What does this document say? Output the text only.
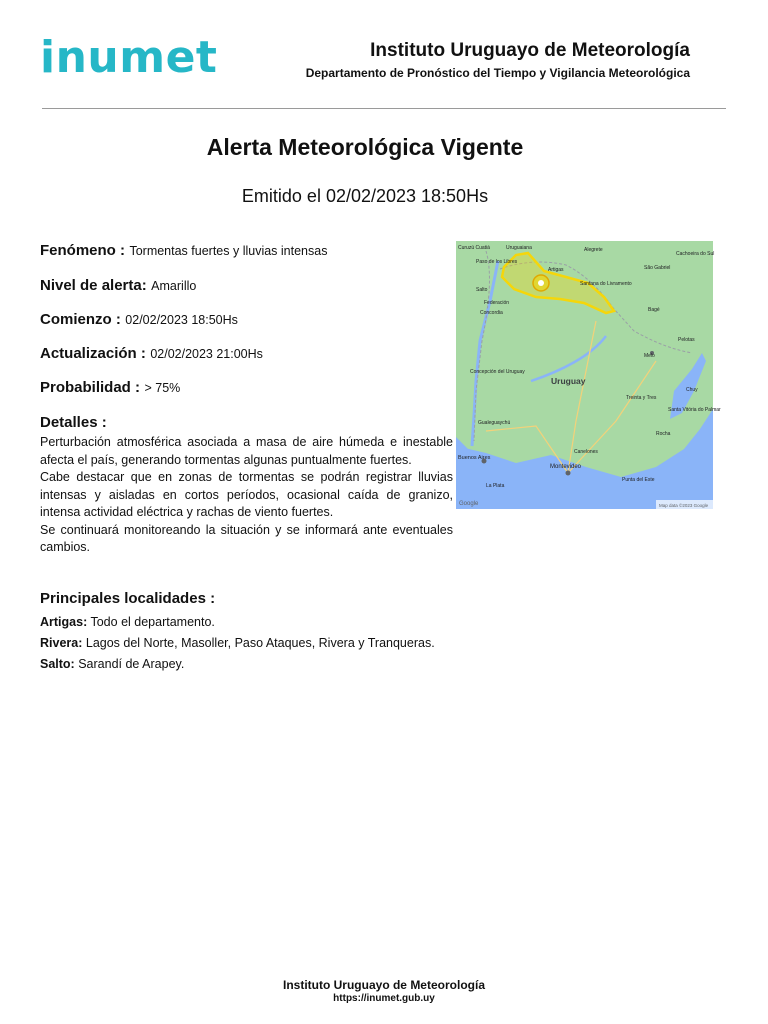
inumet	Instituto Uruguayo de Meteorología
Departamento de Pronóstico del Tiempo y Vigilancia Meteorológica
Alerta Meteorológica Vigente
Emitido el 02/02/2023 18:50Hs
Fenómeno : Tormentas fuertes y lluvias intensas
Nivel de alerta: Amarillo
Comienzo : 02/02/2023 18:50Hs
Actualización : 02/02/2023 21:00Hs
Probabilidad : > 75%
Detalles :

Perturbación atmosférica asociada a masa de aire húmeda e inestable afecta el país, generando tormentas algunas puntualmente fuertes.

Cabe destacar que en zonas de tormentas se podrán registrar lluvias intensas y aisladas en cortos períodos, ocasional caída de granizo, intensa actividad eléctrica y rachas de viento fuertes.

Se continuará monitoreando la situación y se informará ante eventuales cambios.

Principales localidades :
Artigas: Todo el departamento.
Rivera: Lagos del Norte, Masoller, Paso Ataques, Rivera y Tranqueras.
Salto: Sarandí de Arapey.
Uruguay
Montevideo
Buenos Aires
La Plata
Artigas
Salto
Melo
Bagé
Alegrete
Uruguaiana
Federación
Concordia
Concepción del Uruguay
Gualeguaychú
Treinta y Tres
Punta del Este
Santana do Livramento
São Gabriel
Cachoeira do Sul
Paso de los Libres
Curuzú Cuatiá
Santa Vitória do Palmar
Pelotas
Rocha
Chuy
Canelones
Google	Map data ©2023 Google
Instituto Uruguayo de Meteorología
https://inumet.gub.uy
